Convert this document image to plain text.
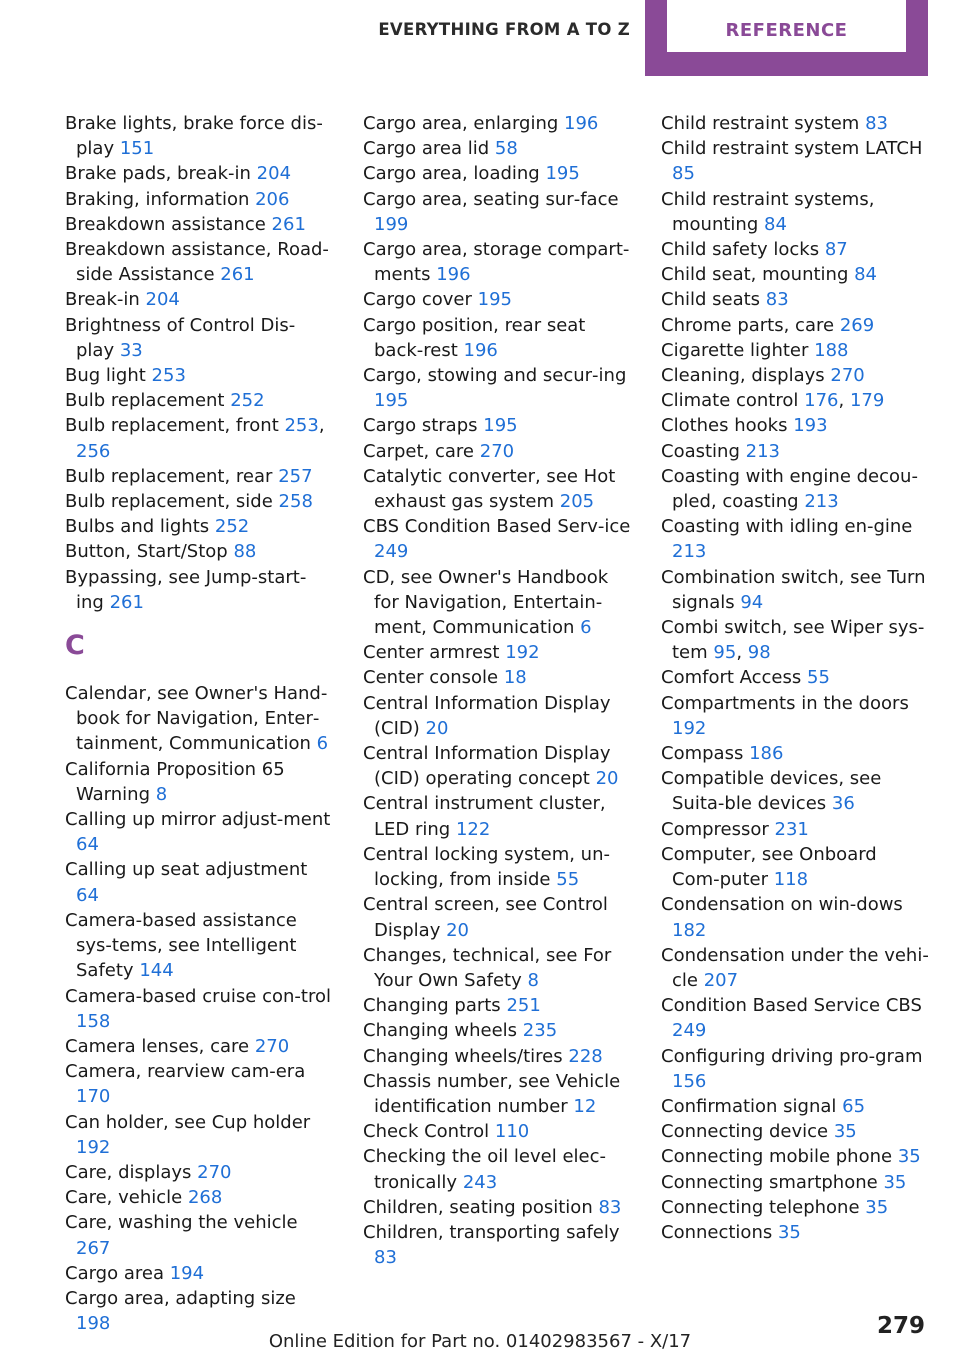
EVERYTHING FROM A TO Z	REFERENCE
Brake lights, brake force dis‐play 151
Brake pads, break-in 204
Braking, information 206
Breakdown assistance 261
Breakdown assistance, Road‐side Assistance 261
Break-in 204
Brightness of Control Dis‐play 33
Bug light 253
Bulb replacement 252
Bulb replacement, front 253, 256
Bulb replacement, rear 257
Bulb replacement, side 258
Bulbs and lights 252
Button, Start/Stop 88
Bypassing, see Jump-start‐ing 261
C
Calendar, see Owner's Hand‐book for Navigation, Enter‐tainment, Communication 6
California Proposition 65 Warning 8
Calling up mirror adjust‐ment 64
Calling up seat adjustment 64
Camera-based assistance sys‐tems, see Intelligent Safety 144
Camera-based cruise con‐trol 158
Camera lenses, care 270
Camera, rearview cam‐era 170
Can holder, see Cup holder 192
Care, displays 270
Care, vehicle 268
Care, washing the vehicle 267
Cargo area 194
Cargo area, adapting size 198
Cargo area, enlarging 196
Cargo area lid 58
Cargo area, loading 195
Cargo area, seating sur‐face 199
Cargo area, storage compart‐ments 196
Cargo cover 195
Cargo position, rear seat back‐rest 196
Cargo, stowing and secur‐ing 195
Cargo straps 195
Carpet, care 270
Catalytic converter, see Hot exhaust gas system 205
CBS Condition Based Serv‐ice 249
CD, see Owner's Handbook for Navigation, Entertain‐ment, Communication 6
Center armrest 192
Center console 18
Central Information Display (CID) 20
Central Information Display (CID) operating concept 20
Central instrument cluster, LED ring 122
Central locking system, un‐locking, from inside 55
Central screen, see Control Display 20
Changes, technical, see For Your Own Safety 8
Changing parts 251
Changing wheels 235
Changing wheels/tires 228
Chassis number, see Vehicle identification number 12
Check Control 110
Checking the oil level elec‐tronically 243
Children, seating position 83
Children, transporting safely 83
Child restraint system 83
Child restraint system LATCH 85
Child restraint systems, mounting 84
Child safety locks 87
Child seat, mounting 84
Child seats 83
Chrome parts, care 269
Cigarette lighter 188
Cleaning, displays 270
Climate control 176, 179
Clothes hooks 193
Coasting 213
Coasting with engine decou‐pled, coasting 213
Coasting with idling en‐gine 213
Combination switch, see Turn signals 94
Combi switch, see Wiper sys‐tem 95, 98
Comfort Access 55
Compartments in the doors 192
Compass 186
Compatible devices, see Suita‐ble devices 36
Compressor 231
Computer, see Onboard Com‐puter 118
Condensation on win‐dows 182
Condensation under the vehi‐cle 207
Condition Based Service CBS 249
Configuring driving pro‐gram 156
Confirmation signal 65
Connecting device 35
Connecting mobile phone 35
Connecting smartphone 35
Connecting telephone 35
Connections 35
279
Online Edition for Part no. 01402983567 - X/17
